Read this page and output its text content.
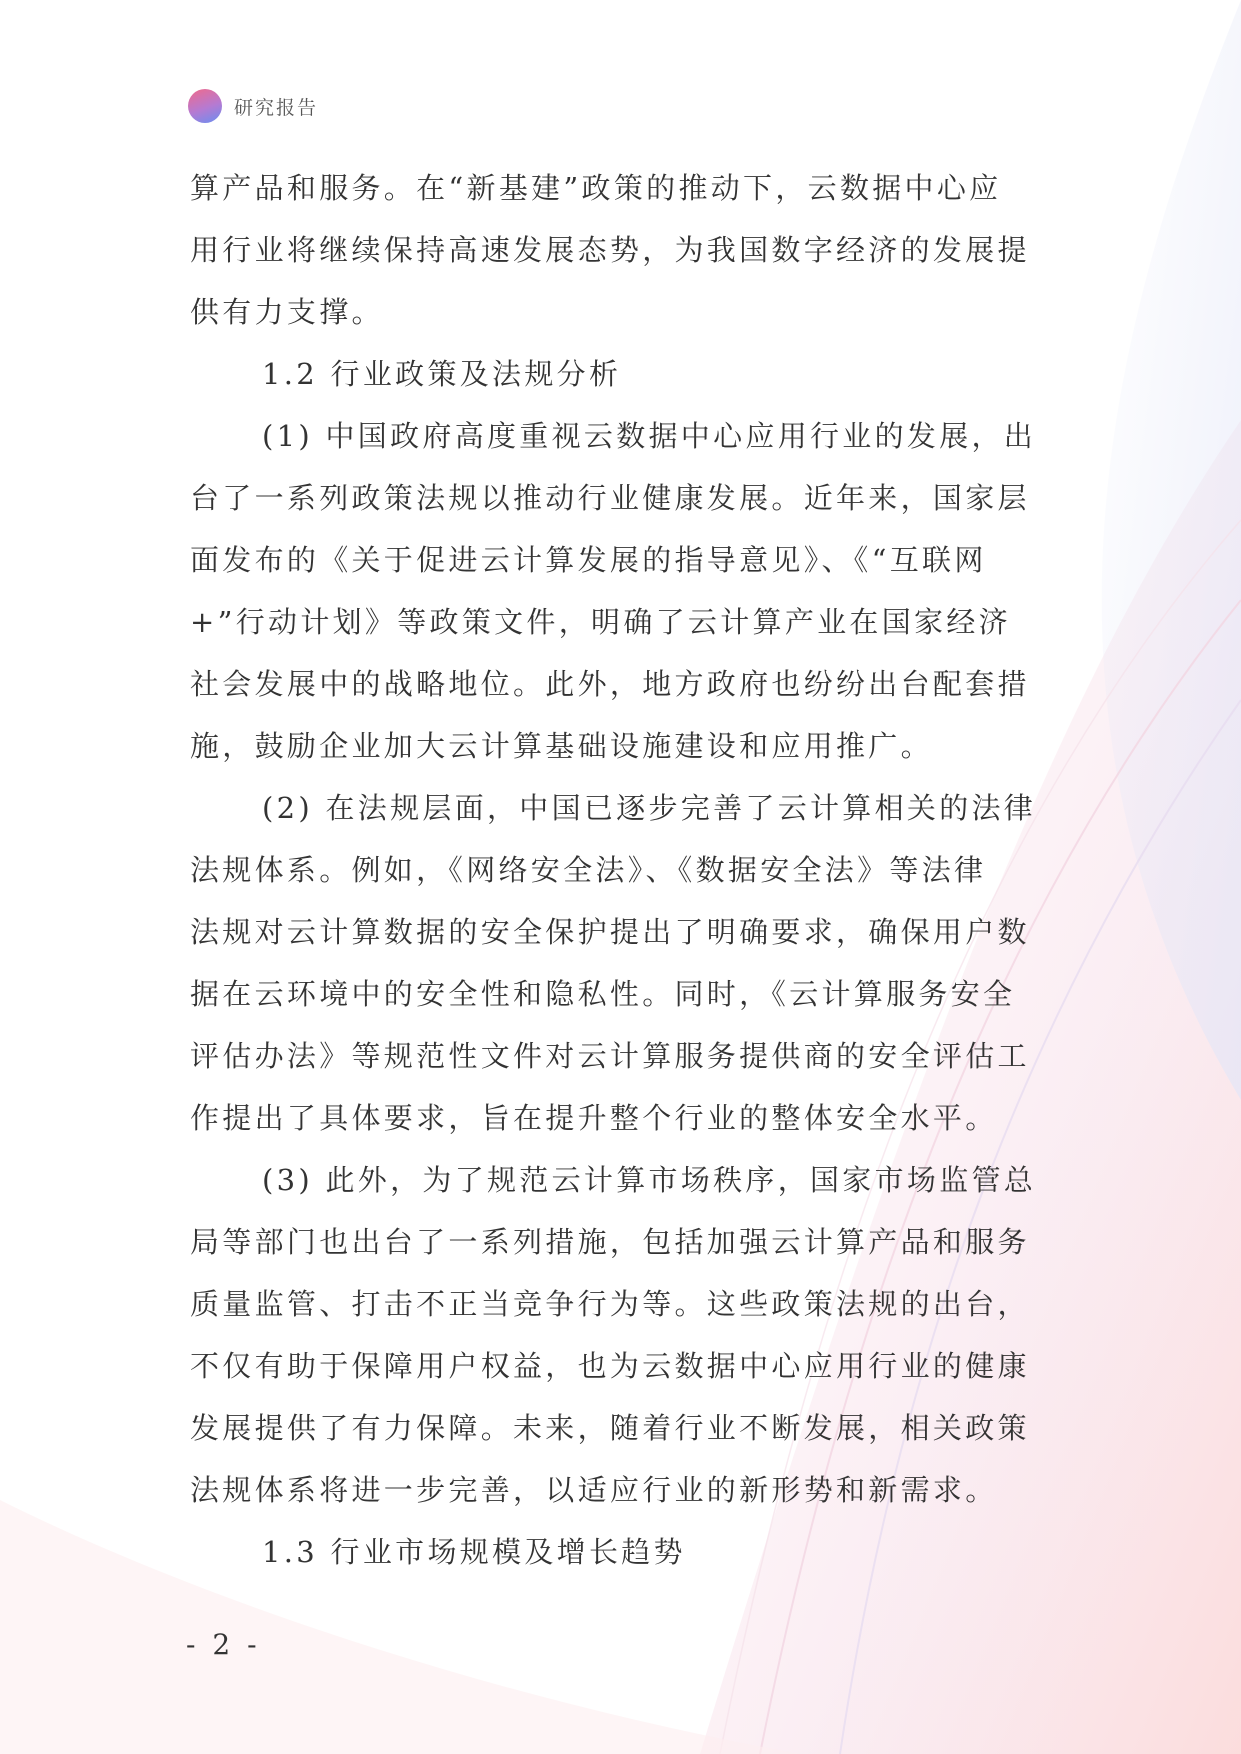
研究报告
算产品和服务。在“新基建”政策的推动下，云数据中心应
用行业将继续保持高速发展态势，为我国数字经济的发展提
供有力支撑。
1.2 行业政策及法规分析
(1) 中国政府高度重视云数据中心应用行业的发展，出
台了一系列政策法规以推动行业健康发展。近年来，国家层
面发布的《关于促进云计算发展的指导意见》、《“互联网
+”行动计划》等政策文件，明确了云计算产业在国家经济
社会发展中的战略地位。此外，地方政府也纷纷出台配套措
施，鼓励企业加大云计算基础设施建设和应用推广。
(2) 在法规层面，中国已逐步完善了云计算相关的法律
法规体系。例如，《网络安全法》、《数据安全法》等法律
法规对云计算数据的安全保护提出了明确要求，确保用户数
据在云环境中的安全性和隐私性。同时，《云计算服务安全
评估办法》等规范性文件对云计算服务提供商的安全评估工
作提出了具体要求，旨在提升整个行业的整体安全水平。
(3) 此外，为了规范云计算市场秩序，国家市场监管总
局等部门也出台了一系列措施，包括加强云计算产品和服务
质量监管、打击不正当竞争行为等。这些政策法规的出台，
不仅有助于保障用户权益，也为云数据中心应用行业的健康
发展提供了有力保障。未来，随着行业不断发展，相关政策
法规体系将进一步完善，以适应行业的新形势和新需求。
1.3 行业市场规模及增长趋势
- 2 -
